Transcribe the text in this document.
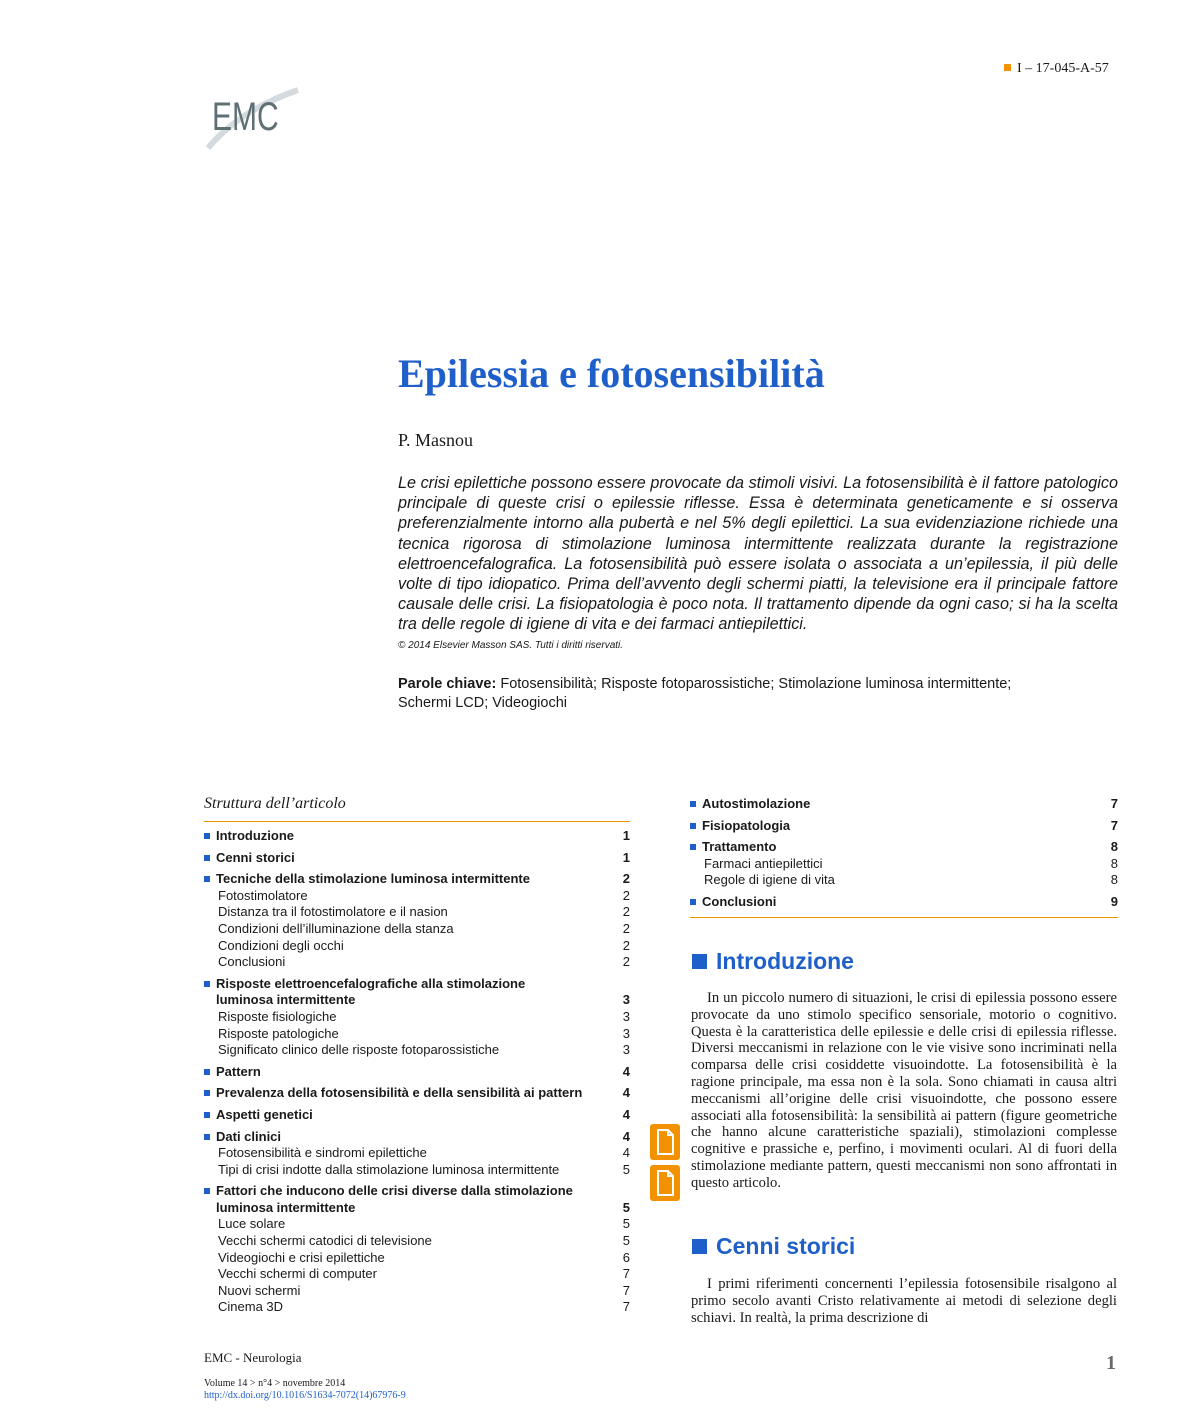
EMC
I – 17-045-A-57
Epilessia e fotosensibilità
P. Masnou

Le crisi epilettiche possono essere provocate da stimoli visivi. La fotosensibilità è il fattore patologico principale di queste crisi o epilessie riflesse. Essa è determinata geneticamente e si osserva preferenzialmente intorno alla pubertà e nel 5% degli epilettici. La sua evidenziazione richiede una tecnica rigorosa di stimolazione luminosa intermittente realizzata durante la registrazione elettroencefalografica. La fotosensibilità può essere isolata o associata a un’epilessia, il più delle volte di tipo idiopatico. Prima dell’avvento degli schermi piatti, la televisione era il principale fattore causale delle crisi. La fisiopatologia è poco nota. Il trattamento dipende da ogni caso; si ha la scelta tra delle regole di igiene di vita e dei farmaci antiepilettici.

© 2014 Elsevier Masson SAS. Tutti i diritti riservati.
Parole chiave: Fotosensibilità; Risposte fotoparossistiche; Stimolazione luminosa intermittente; Schermi LCD; Videogiochi
Struttura dell’articolo
Introduzione	1
Cenni storici	1
Tecniche della stimolazione luminosa intermittente	2
Fotostimolatore	2
Distanza tra il fotostimolatore e il nasion	2
Condizioni dell’illuminazione della stanza	2
Condizioni degli occhi	2
Conclusioni	2
Risposte elettroencefalografiche alla stimolazione
luminosa intermittente	3
Risposte fisiologiche	3
Risposte patologiche	3
Significato clinico delle risposte fotoparossistiche	3
Pattern	4
Prevalenza della fotosensibilità e della sensibilità ai pattern	4
Aspetti genetici	4
Dati clinici	4
Fotosensibilità e sindromi epilettiche	4
Tipi di crisi indotte dalla stimolazione luminosa intermittente	5
Fattori che inducono delle crisi diverse dalla stimolazione
luminosa intermittente	5
Luce solare	5
Vecchi schermi catodici di televisione	5
Videogiochi e crisi epilettiche	6
Vecchi schermi di computer	7
Nuovi schermi	7
Cinema 3D	7
Autostimolazione	7
Fisiopatologia	7
Trattamento	8
Farmaci antiepilettici	8
Regole di igiene di vita	8
Conclusioni	9
Introduzione

In un piccolo numero di situazioni, le crisi di epilessia possono essere provocate da uno stimolo specifico sensoriale, motorio o cognitivo. Questa è la caratteristica delle epilessie e delle crisi di epilessia riflesse. Diversi meccanismi in relazione con le vie visive sono incriminati nella comparsa delle crisi cosiddette visuoindotte. La fotosensibilità è la ragione principale, ma essa non è la sola. Sono chiamati in causa altri meccanismi all’origine delle crisi visuoindotte, che possono essere associati alla fotosensibilità: la sensibilità ai pattern (figure geometriche che hanno alcune caratteristiche spaziali), stimolazioni complesse cognitive e prassiche e, perfino, i movimenti oculari. Al di fuori della stimolazione mediante pattern, questi meccanismi non sono affrontati in questo articolo.

Cenni storici

I primi riferimenti concernenti l’epilessia fotosensibile risalgono al primo secolo avanti Cristo relativamente ai metodi di selezione degli schiavi. In realtà, la prima descrizione di

EMC - Neurologia
Volume 14 > n°4 > novembre 2014
http://dx.doi.org/10.1016/S1634-7072(14)67976-9
1
